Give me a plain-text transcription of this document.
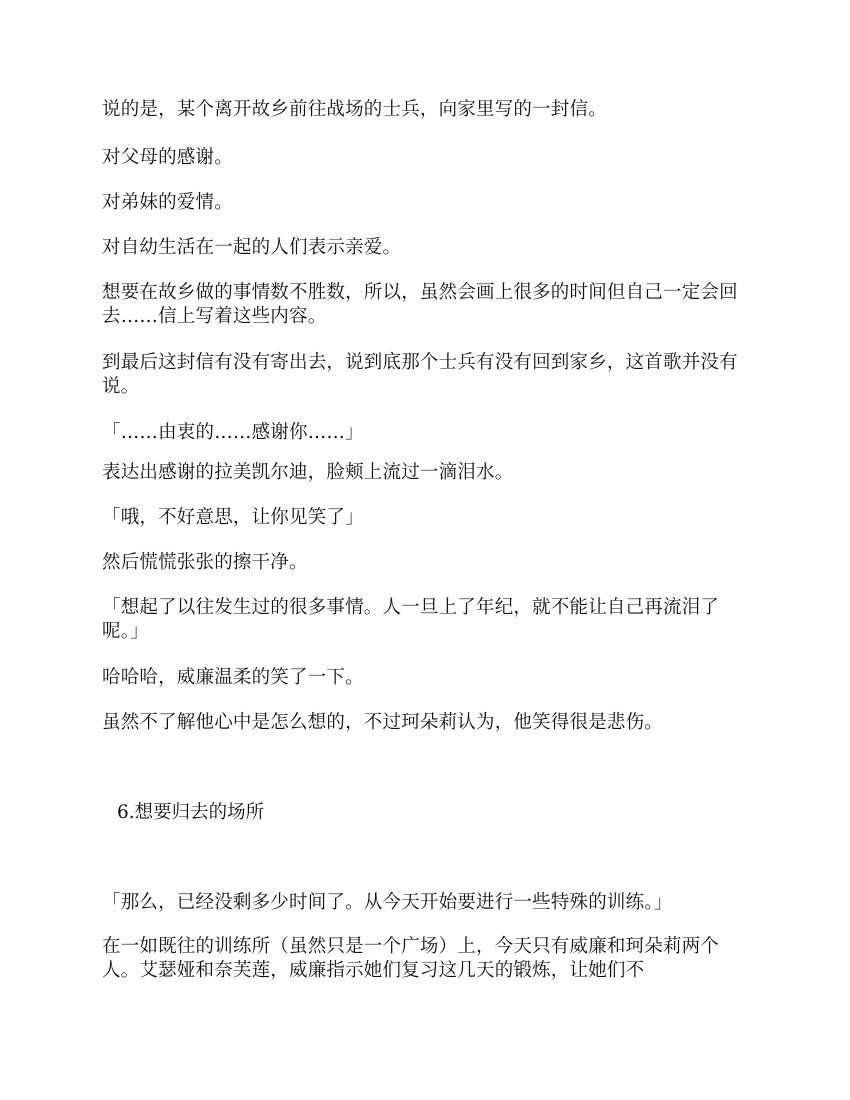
说的是，某个离开故乡前往战场的士兵，向家里写的一封信。

对父母的感谢。

对弟妹的爱情。

对自幼生活在一起的人们表示亲爱。

想要在故乡做的事情数不胜数，所以，虽然会画上很多的时间但自己一定会回去……信上写着这些内容。

到最后这封信有没有寄出去，说到底那个士兵有没有回到家乡，这首歌并没有说。

「……由衷的……感谢你……」

表达出感谢的拉美凯尔迪，脸颊上流过一滴泪水。

「哦，不好意思，让你见笑了」

然后慌慌张张的擦干净。

「想起了以往发生过的很多事情。人一旦上了年纪，就不能让自己再流泪了呢。」

哈哈哈，威廉温柔的笑了一下。

虽然不了解他心中是怎么想的，不过珂朵莉认为，他笑得很是悲伤。

6.想要归去的场所

「那么，已经没剩多少时间了。从今天开始要进行一些特殊的训练。」

在一如既往的训练所（虽然只是一个广场）上，今天只有威廉和珂朵莉两个人。艾瑟娅和奈芙莲，威廉指示她们复习这几天的锻炼，让她们不
